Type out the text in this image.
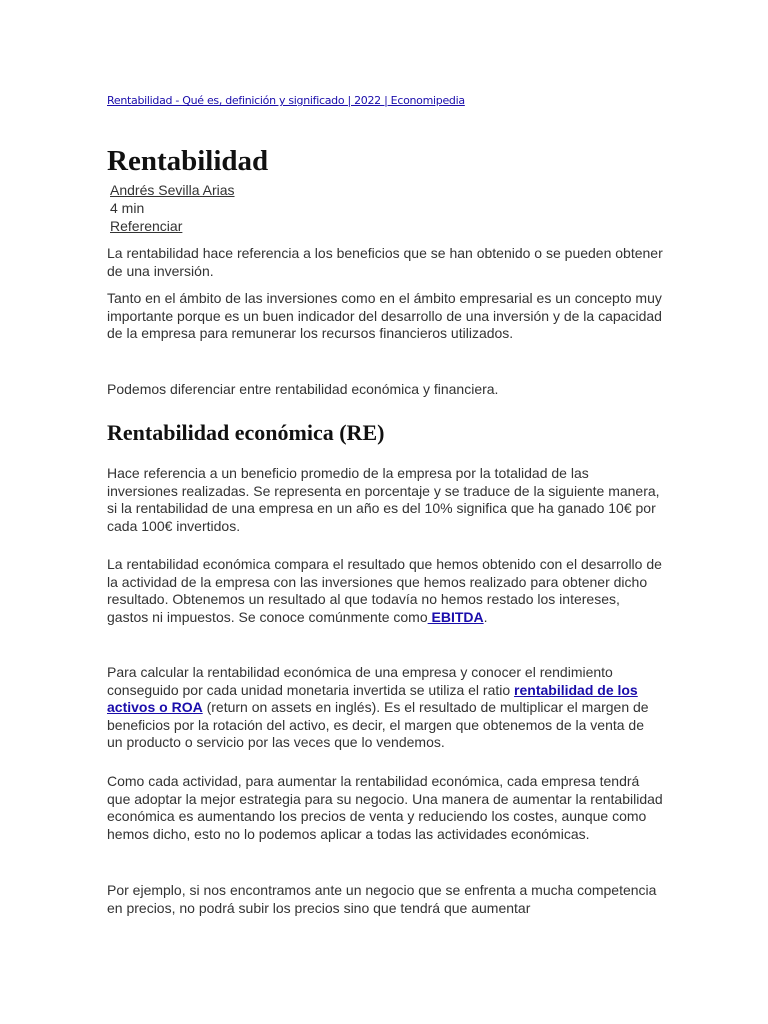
Rentabilidad - Qué es, definición y significado | 2022 | Economipedia
Rentabilidad
Andrés Sevilla Arias
4 min
Referenciar

La rentabilidad hace referencia a los beneficios que se han obtenido o se pueden obtener de una inversión.

Tanto en el ámbito de las inversiones como en el ámbito empresarial es un concepto muy importante porque es un buen indicador del desarrollo de una inversión y de la capacidad de la empresa para remunerar los recursos financieros utilizados.

Podemos diferenciar entre rentabilidad económica y financiera.

Rentabilidad económica (RE)

Hace referencia a un beneficio promedio de la empresa por la totalidad de las inversiones realizadas. Se representa en porcentaje y se traduce de la siguiente manera, si la rentabilidad de una empresa en un año es del 10% significa que ha ganado 10€ por cada 100€ invertidos.

La rentabilidad económica compara el resultado que hemos obtenido con el desarrollo de la actividad de la empresa con las inversiones que hemos realizado para obtener dicho resultado. Obtenemos un resultado al que todavía no hemos restado los intereses, gastos ni impuestos. Se conoce comúnmente como EBITDA.

Para calcular la rentabilidad económica de una empresa y conocer el rendimiento conseguido por cada unidad monetaria invertida se utiliza el ratio rentabilidad de los activos o ROA (return on assets en inglés). Es el resultado de multiplicar el margen de beneficios por la rotación del activo, es decir, el margen que obtenemos de la venta de un producto o servicio por las veces que lo vendemos.

Como cada actividad, para aumentar la rentabilidad económica, cada empresa tendrá que adoptar la mejor estrategia para su negocio. Una manera de aumentar la rentabilidad económica es aumentando los precios de venta y reduciendo los costes, aunque como hemos dicho, esto no lo podemos aplicar a todas las actividades económicas.

Por ejemplo, si nos encontramos ante un negocio que se enfrenta a mucha competencia en precios, no podrá subir los precios sino que tendrá que aumentar
